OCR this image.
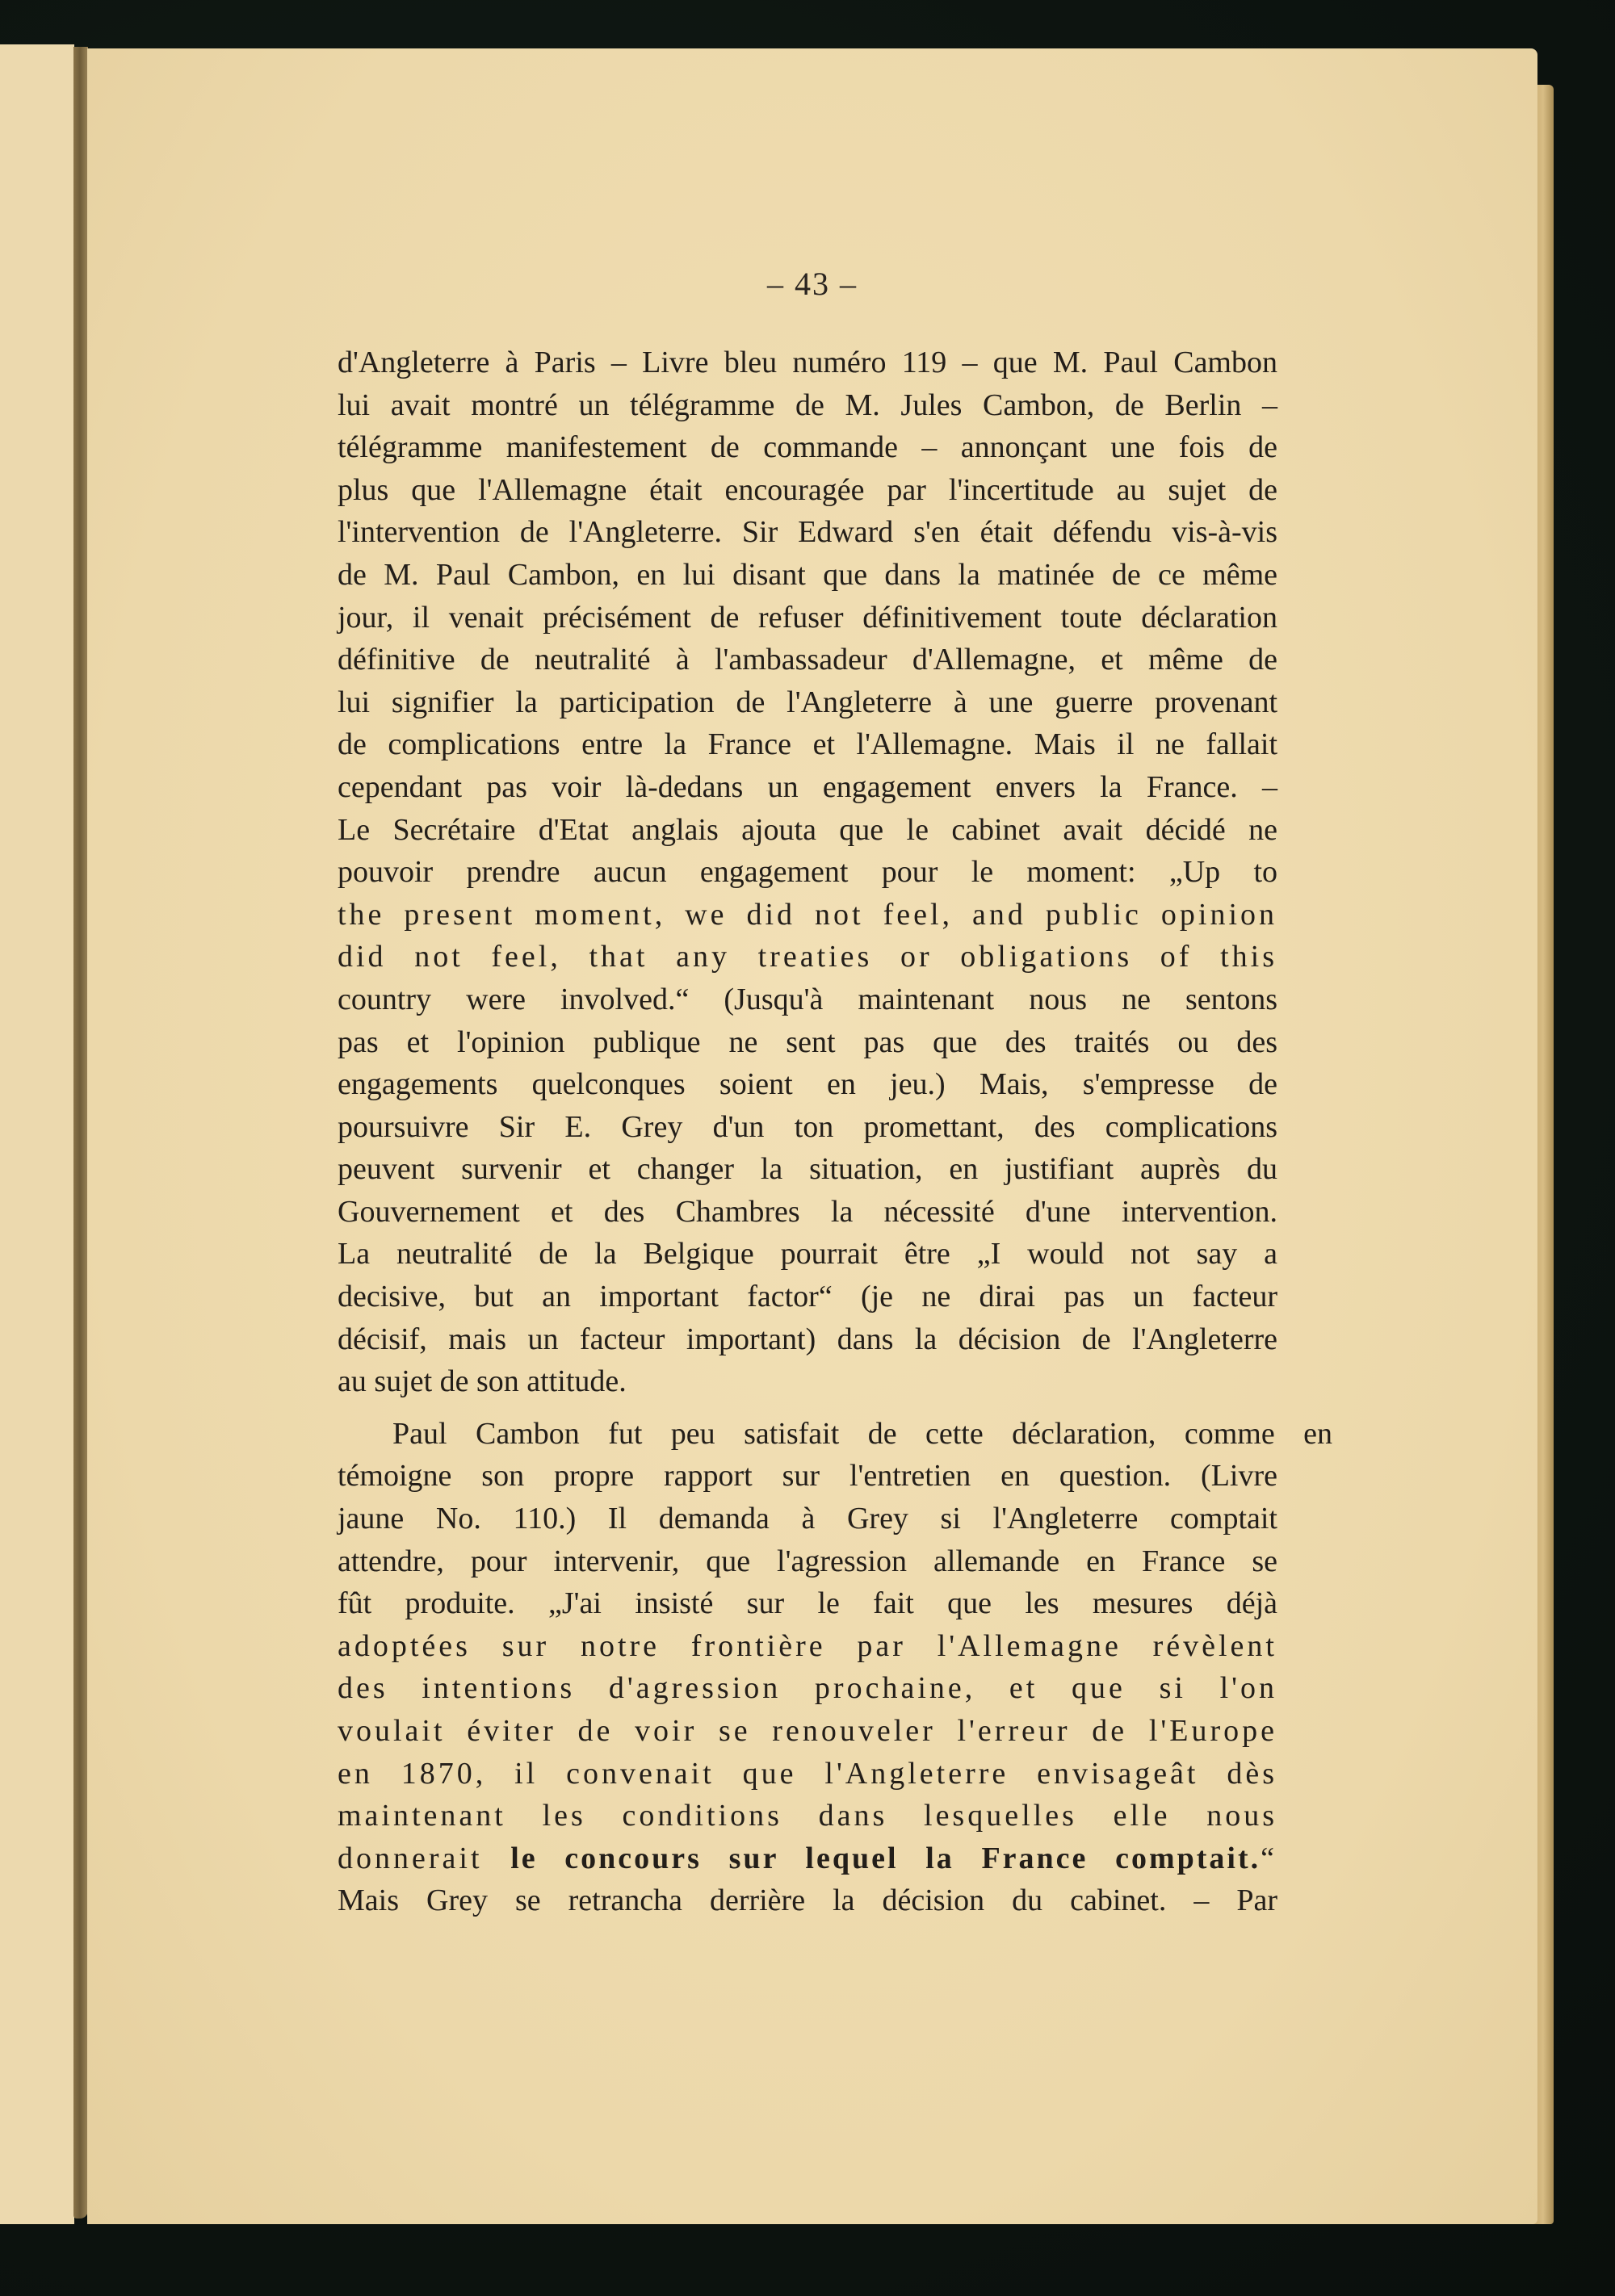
– 43 –
d'Angleterre à Paris – Livre bleu numéro 119 – que M. Paul Cambon
lui avait montré un télégramme de M. Jules Cambon, de Berlin –
télégramme manifestement de commande – annonçant une fois de
plus que l'Allemagne était encouragée par l'incertitude au sujet de
l'intervention de l'Angleterre. Sir Edward s'en était défendu vis-à-vis
de M. Paul Cambon, en lui disant que dans la matinée de ce même
jour, il venait précisément de refuser définitivement toute déclaration
définitive de neutralité à l'ambassadeur d'Allemagne, et même de
lui signifier la participation de l'Angleterre à une guerre provenant
de complications entre la France et l'Allemagne. Mais il ne fallait
cependant pas voir là-dedans un engagement envers la France. –
Le Secrétaire d'Etat anglais ajouta que le cabinet avait décidé ne
pouvoir prendre aucun engagement pour le moment: „Up to
the present moment, we did not feel, and public opinion
did not feel, that any treaties or obligations of this
country were involved.“ (Jusqu'à maintenant nous ne sentons
pas et l'opinion publique ne sent pas que des traités ou des
engagements quelconques soient en jeu.) Mais, s'empresse de
poursuivre Sir E. Grey d'un ton promettant, des complications
peuvent survenir et changer la situation, en justifiant auprès du
Gouvernement et des Chambres la nécessité d'une intervention.
La neutralité de la Belgique pourrait être „I would not say a
decisive, but an important factor“ (je ne dirai pas un facteur
décisif, mais un facteur important) dans la décision de l'Angleterre
au sujet de son attitude.
Paul Cambon fut peu satisfait de cette déclaration, comme en
témoigne son propre rapport sur l'entretien en question. (Livre
jaune No. 110.) Il demanda à Grey si l'Angleterre comptait
attendre, pour intervenir, que l'agression allemande en France se
fût produite. „J'ai insisté sur le fait que les mesures déjà
adoptées sur notre frontière par l'Allemagne révèlent
des intentions d'agression prochaine, et que si l'on
voulait éviter de voir se renouveler l'erreur de l'Europe
en 1870, il convenait que l'Angleterre envisageât dès
maintenant les conditions dans lesquelles elle nous
donnerait le concours sur lequel la France comptait.“
Mais Grey se retrancha derrière la décision du cabinet. – Par
